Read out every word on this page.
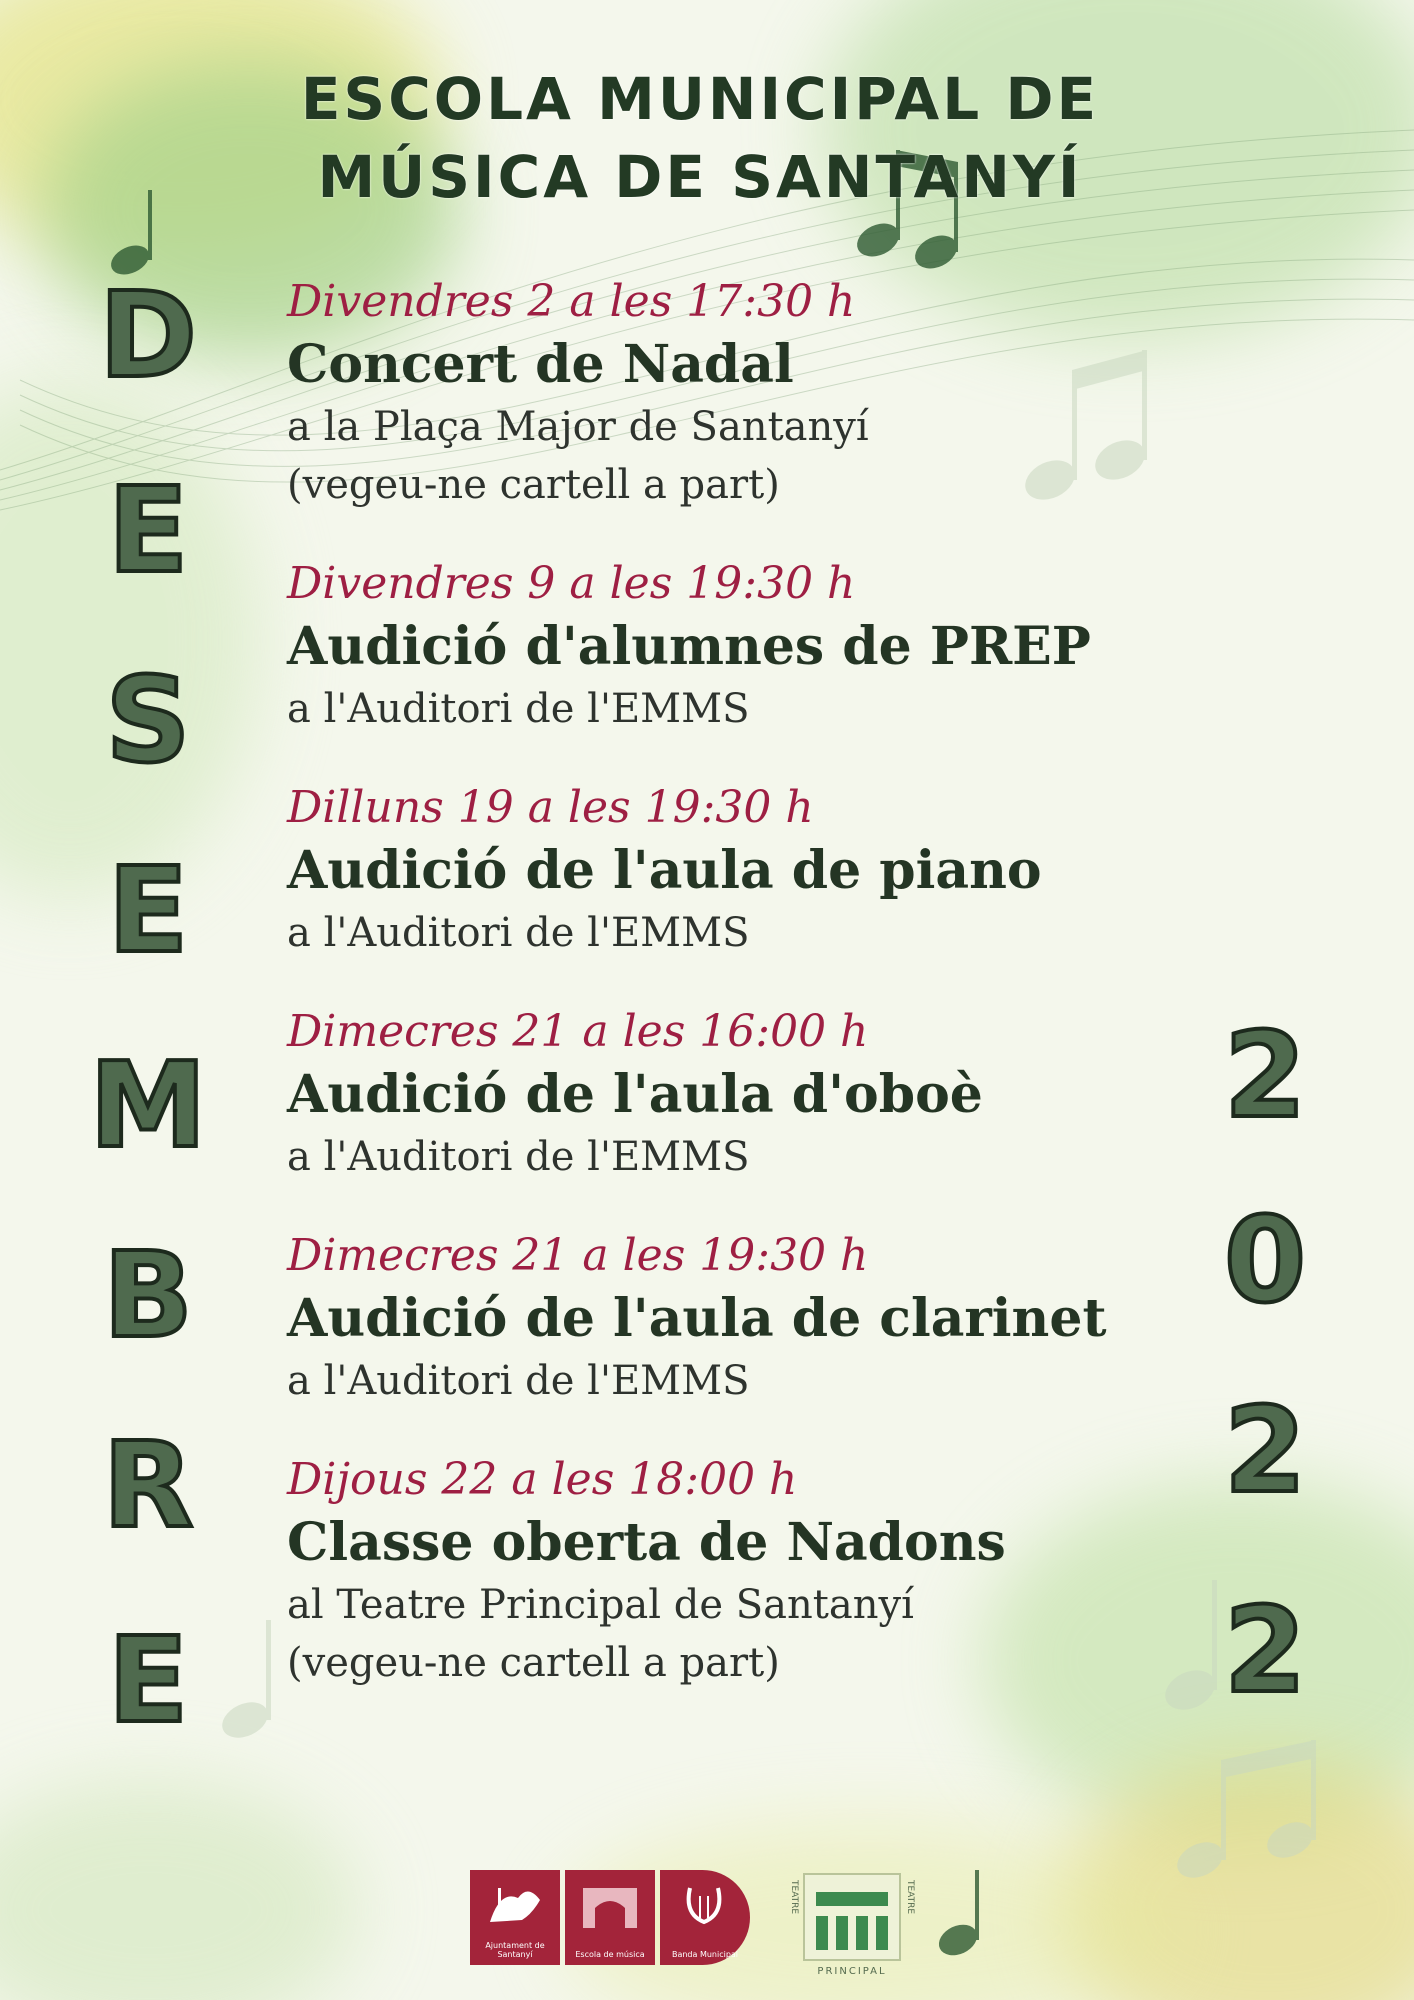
ESCOLA MUNICIPAL DE
MÚSICA DE SANTANYÍ
D
E
S
E
M
B
R
E
2
0
2
2
Divendres 2 a les 17:30 h
Concert de Nadal
a la Plaça Major de Santanyí
(vegeu-ne cartell a part)
Divendres 9 a les 19:30 h
Audició d'alumnes de PREP
a l'Auditori de l'EMMS
Dilluns 19 a les 19:30 h
Audició de l'aula de piano
a l'Auditori de l'EMMS
Dimecres 21 a les 16:00 h
Audició de l'aula d'oboè
a l'Auditori de l'EMMS
Dimecres 21 a les 19:30 h
Audició de l'aula de clarinet
a l'Auditori de l'EMMS
Dijous 22 a les 18:00 h
Classe oberta de Nadons
al Teatre Principal de Santanyí
(vegeu-ne cartell a part)
Ajuntament de Santanyí	Escola de música	Banda Municipal
TEATRE	TEATRE
PRINCIPAL
